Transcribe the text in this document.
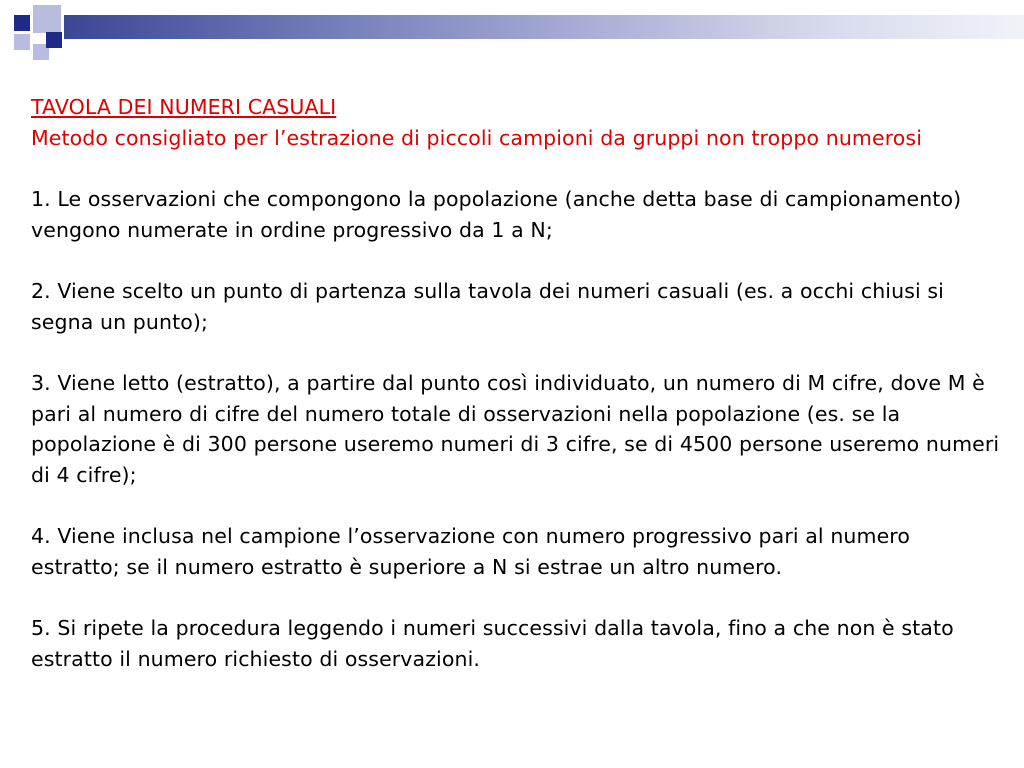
TAVOLA DEI NUMERI CASUALI

Metodo consigliato per l’estrazione di piccoli campioni da gruppi non troppo numerosi

1. Le osservazioni che compongono la popolazione (anche detta base di campionamento) vengono numerate in ordine progressivo da 1 a N;

2. Viene scelto un punto di partenza sulla tavola dei numeri casuali (es. a occhi chiusi si segna un punto);

3. Viene letto (estratto), a partire dal punto così individuato, un numero di M cifre, dove M è pari al numero di cifre del numero totale di osservazioni nella popolazione (es. se la popolazione è di 300 persone useremo numeri di 3 cifre, se di 4500 persone useremo numeri di 4 cifre);

4. Viene inclusa nel campione l’osservazione con numero progressivo pari al numero estratto; se il numero estratto è superiore a N si estrae un altro numero.

5. Si ripete la procedura leggendo i numeri successivi dalla tavola, fino a che non è stato estratto il numero richiesto di osservazioni.
